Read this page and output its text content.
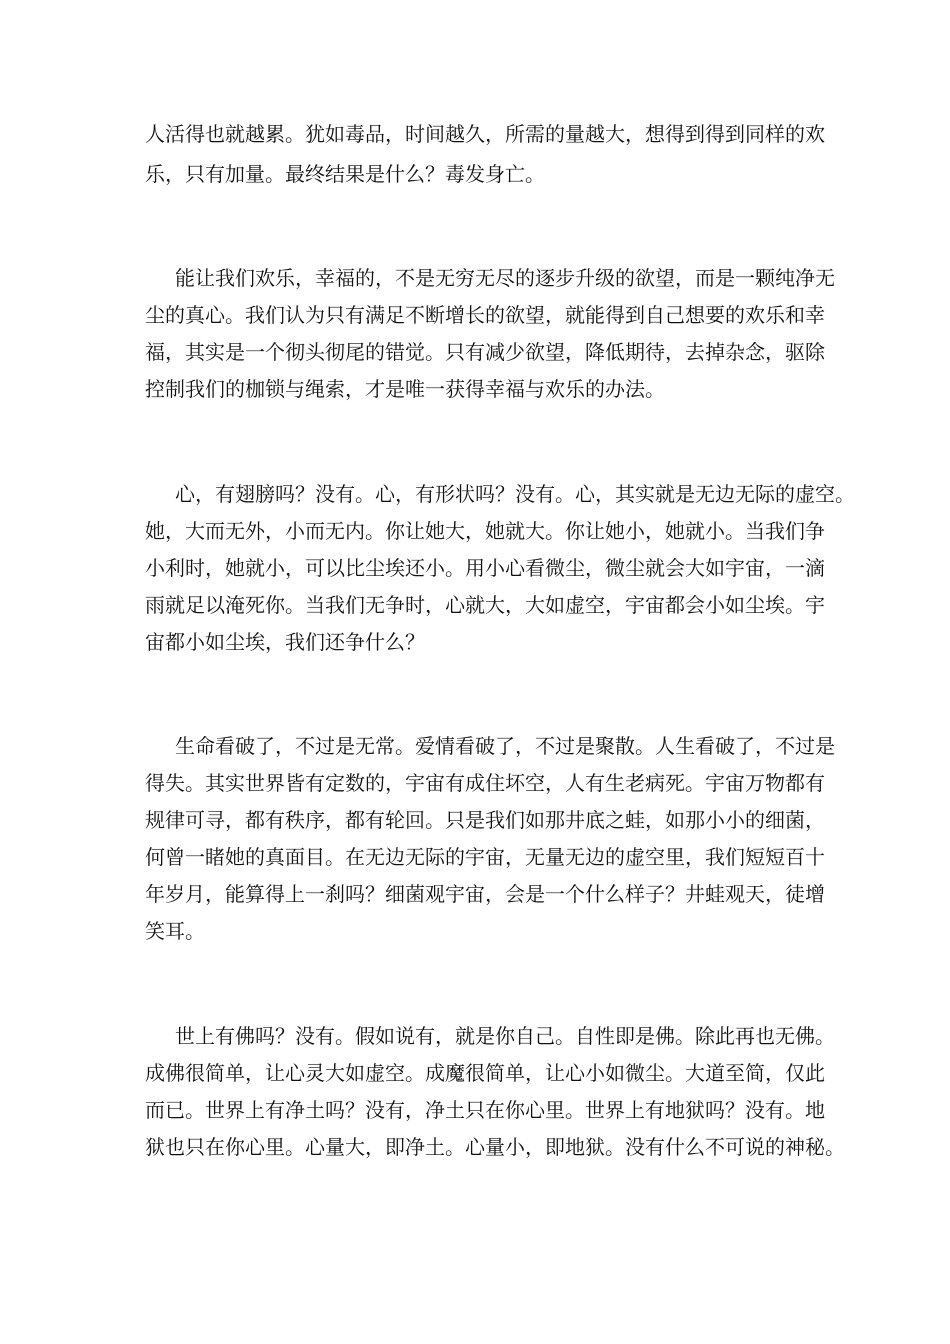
人活得也就越累。犹如毒品，时间越久，所需的量越大，想得到得到同样的欢

乐，只有加量。最终结果是什么？毒发身亡。

能让我们欢乐，幸福的，不是无穷无尽的逐步升级的欲望，而是一颗纯净无

尘的真心。我们认为只有满足不断增长的欲望，就能得到自己想要的欢乐和幸

福，其实是一个彻头彻尾的错觉。只有减少欲望，降低期待，去掉杂念，驱除

控制我们的枷锁与绳索，才是唯一获得幸福与欢乐的办法。

心，有翅膀吗？没有。心，有形状吗？没有。心，其实就是无边无际的虚空。

她，大而无外，小而无内。你让她大，她就大。你让她小，她就小。当我们争

小利时，她就小，可以比尘埃还小。用小心看微尘，微尘就会大如宇宙，一滴

雨就足以淹死你。当我们无争时，心就大，大如虚空，宇宙都会小如尘埃。宇

宙都小如尘埃，我们还争什么？

生命看破了，不过是无常。爱情看破了，不过是聚散。人生看破了，不过是

得失。其实世界皆有定数的，宇宙有成住坏空，人有生老病死。宇宙万物都有

规律可寻，都有秩序，都有轮回。只是我们如那井底之蛙，如那小小的细菌，

何曾一睹她的真面目。在无边无际的宇宙，无量无边的虚空里，我们短短百十

年岁月，能算得上一刹吗？细菌观宇宙，会是一个什么样子？井蛙观天，徒增

笑耳。

世上有佛吗？没有。假如说有，就是你自己。自性即是佛。除此再也无佛。

成佛很简单，让心灵大如虚空。成魔很简单，让心小如微尘。大道至简，仅此

而已。世界上有净土吗？没有，净土只在你心里。世界上有地狱吗？没有。地

狱也只在你心里。心量大，即净土。心量小，即地狱。没有什么不可说的神秘。
